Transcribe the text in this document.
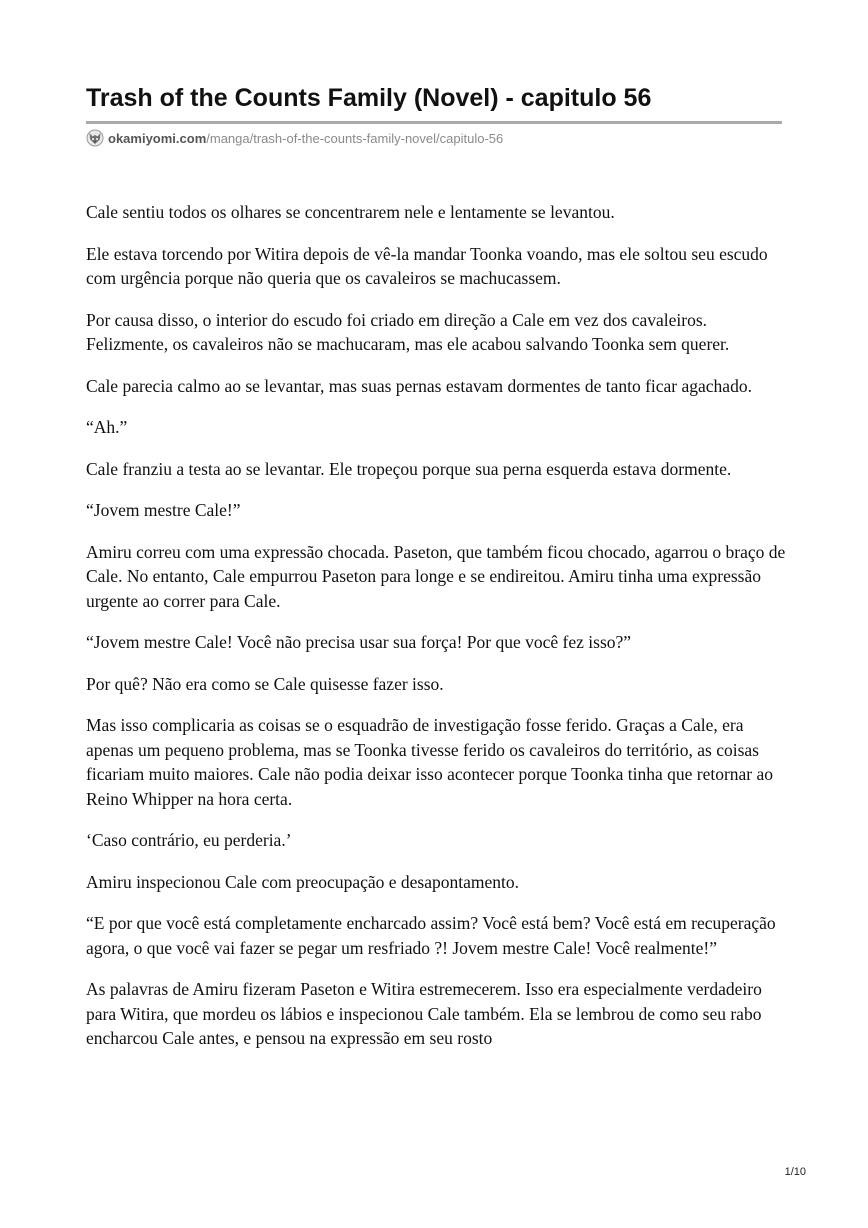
Trash of the Counts Family (Novel) - capitulo 56
okamiyomi.com /manga/trash-of-the-counts-family-novel/capitulo-56

Cale sentiu todos os olhares se concentrarem nele e lentamente se levantou.

Ele estava torcendo por Witira depois de vê-la mandar Toonka voando, mas ele soltou seu escudo com urgência porque não queria que os cavaleiros se machucassem.

Por causa disso, o interior do escudo foi criado em direção a Cale em vez dos cavaleiros. Felizmente, os cavaleiros não se machucaram, mas ele acabou salvando Toonka sem querer.

Cale parecia calmo ao se levantar, mas suas pernas estavam dormentes de tanto ficar agachado.

“Ah.”

Cale franziu a testa ao se levantar. Ele tropeçou porque sua perna esquerda estava dormente.

“Jovem mestre Cale!”

Amiru correu com uma expressão chocada. Paseton, que também ficou chocado, agarrou o braço de Cale. No entanto, Cale empurrou Paseton para longe e se endireitou. Amiru tinha uma expressão urgente ao correr para Cale.

“Jovem mestre Cale! Você não precisa usar sua força! Por que você fez isso?”

Por quê? Não era como se Cale quisesse fazer isso.

Mas isso complicaria as coisas se o esquadrão de investigação fosse ferido. Graças a Cale, era apenas um pequeno problema, mas se Toonka tivesse ferido os cavaleiros do território, as coisas ficariam muito maiores. Cale não podia deixar isso acontecer porque Toonka tinha que retornar ao Reino Whipper na hora certa.

‘Caso contrário, eu perderia.’

Amiru inspecionou Cale com preocupação e desapontamento.

“E por que você está completamente encharcado assim? Você está bem? Você está em recuperação agora, o que você vai fazer se pegar um resfriado ?! Jovem mestre Cale! Você realmente!”

As palavras de Amiru fizeram Paseton e Witira estremecerem. Isso era especialmente verdadeiro para Witira, que mordeu os lábios e inspecionou Cale também. Ela se lembrou de como seu rabo encharcou Cale antes, e pensou na expressão em seu rosto

1/10
